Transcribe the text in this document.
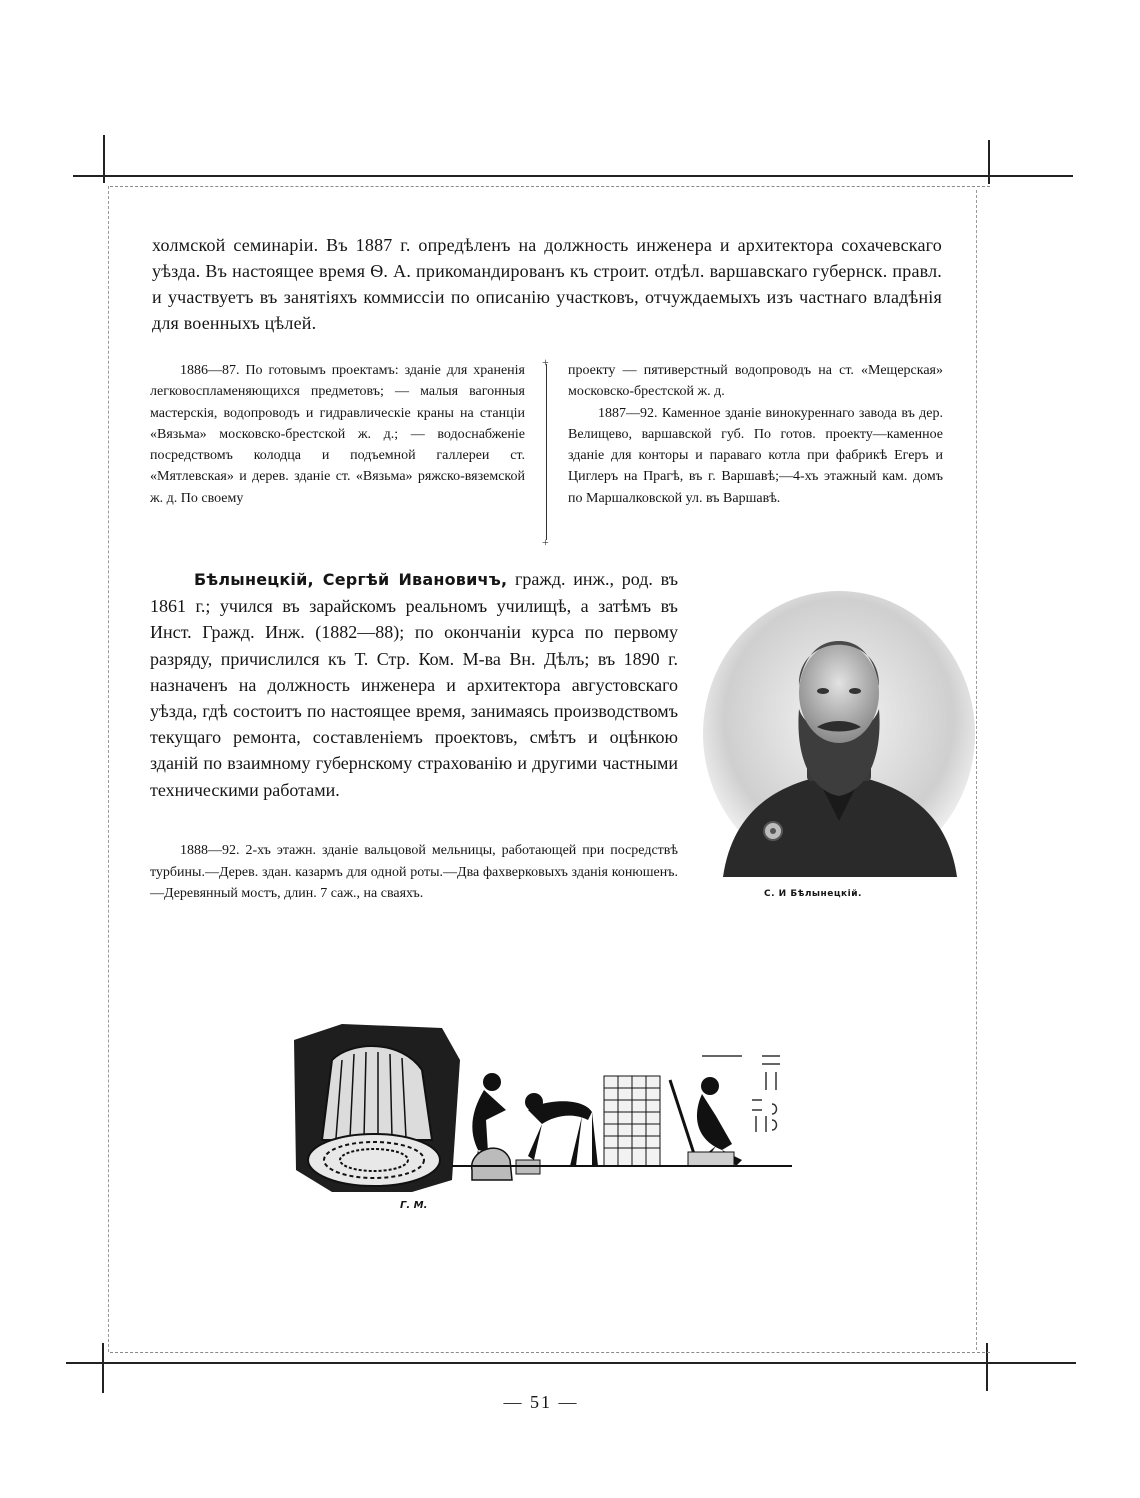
холмской семинаріи. Въ 1887 г. опредѣленъ на должность инженера и архитектора сохачевскаго уѣзда. Въ настоящее время Ѳ. А. прикомандированъ къ строит. отдѣл. варшавскаго губернск. правл. и участвуетъ въ занятіяхъ коммиссіи по описанію участковъ, отчуждаемыхъ изъ частнаго владѣнія для военныхъ цѣлей.

1886—87. По готовымъ проектамъ: зданіе для храненія легковоспламеняющихся предметовъ; — малыя вагонныя мастерскія, водопроводъ и гидравлическіе краны на станціи «Вязьма» московско-брестской ж. д.; — водоснабженіе посредствомъ колодца и подъемной галлереи ст. «Мятлевская» и дерев. зданіе ст. «Вязьма» ряжско-вяземской ж. д. По своему

+ +

проекту — пятиверстный водопроводъ на ст. «Мещерская» московско-брестской ж. д.

1887—92. Каменное зданіе винокуреннаго завода въ дер. Велищево, варшавской губ. По готов. проекту—каменное зданіе для конторы и параваго котла при фабрикѣ Егеръ и Циглеръ на Прагѣ, въ г. Варшавѣ;—4-хъ этажный кам. домъ по Маршалковской ул. въ Варшавѣ.

Бѣлынецкій, Сергѣй Ивановичъ, гражд. инж., род. въ 1861 г.; учился въ зарайскомъ реальномъ училищѣ, а затѣмъ въ Инст. Гражд. Инж. (1882—88); по окончаніи курса по первому разряду, причислился къ Т. Стр. Ком. М-ва Вн. Дѣлъ; въ 1890 г. назначенъ на должность инженера и архитектора августовскаго уѣзда, гдѣ состоитъ по настоящее время, занимаясь производствомъ текущаго ремонта, составленіемъ проектовъ, смѣтъ и оцѣнкою зданій по взаимному губернскому страхованію и другими частными техническими работами.

1888—92. 2-хъ этажн. зданіе вальцовой мельницы, работающей при посредствѣ турбины.—Дерев. здан. казармъ для одной роты.—Два фахверковыхъ зданія конюшенъ.—Деревянный мостъ, длин. 7 саж., на сваяхъ.	С. И Бѣлынецкій.
Г. М.
— 51 —
